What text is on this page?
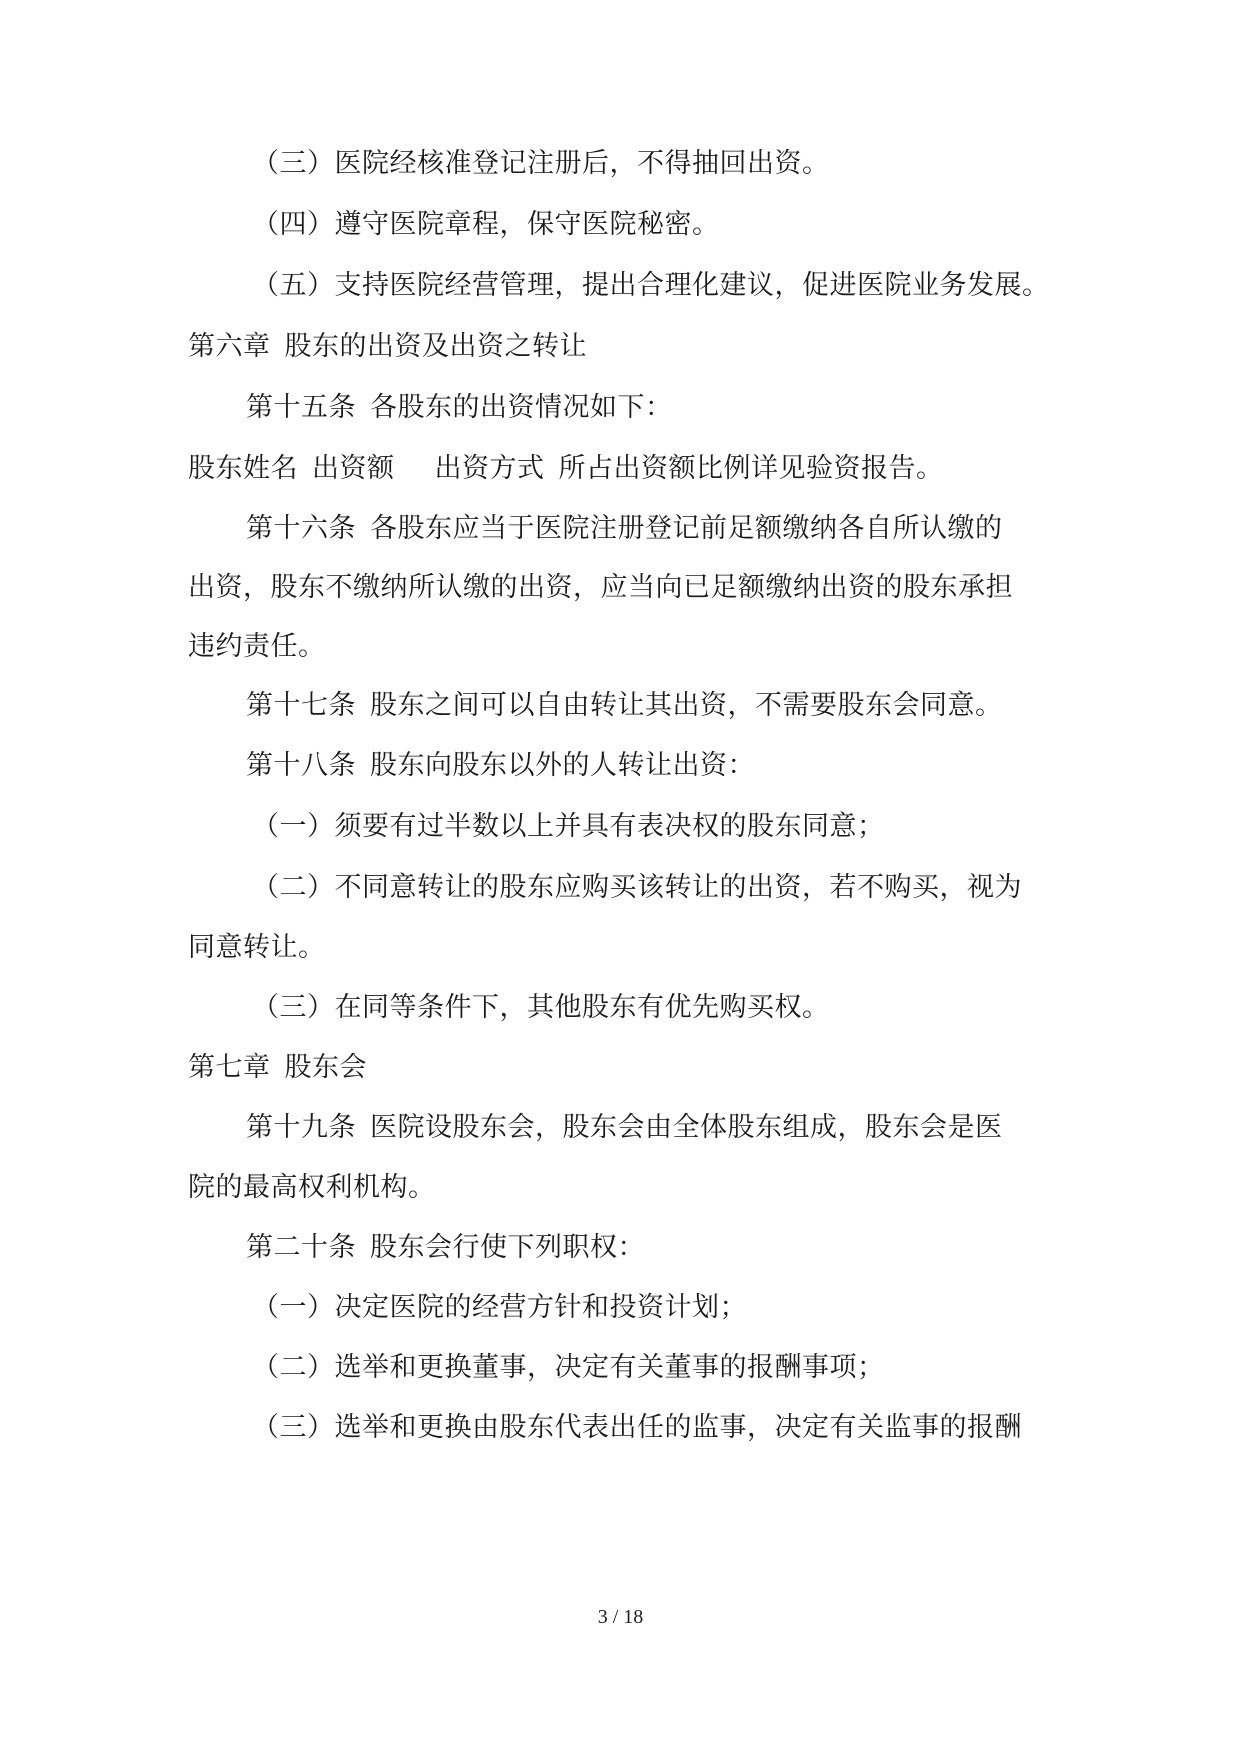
（三）医院经核准登记注册后，不得抽回出资。
（四）遵守医院章程，保守医院秘密。
（五）支持医院经营管理，提出合理化建议，促进医院业务发展。
第六章 股东的出资及出资之转让
第十五条 各股东的出资情况如下：
股东姓名 出资额 出资方式 所占出资额比例详见验资报告。
第十六条 各股东应当于医院注册登记前足额缴纳各自所认缴的
出资，股东不缴纳所认缴的出资，应当向已足额缴纳出资的股东承担
违约责任。
第十七条 股东之间可以自由转让其出资，不需要股东会同意。
第十八条 股东向股东以外的人转让出资：
（一）须要有过半数以上并具有表决权的股东同意；
（二）不同意转让的股东应购买该转让的出资，若不购买，视为
同意转让。
（三）在同等条件下，其他股东有优先购买权。
第七章 股东会
第十九条 医院设股东会，股东会由全体股东组成，股东会是医
院的最高权利机构。
第二十条 股东会行使下列职权：
（一）决定医院的经营方针和投资计划；
（二）选举和更换董事，决定有关董事的报酬事项；
（三）选举和更换由股东代表出任的监事，决定有关监事的报酬
3 / 18
